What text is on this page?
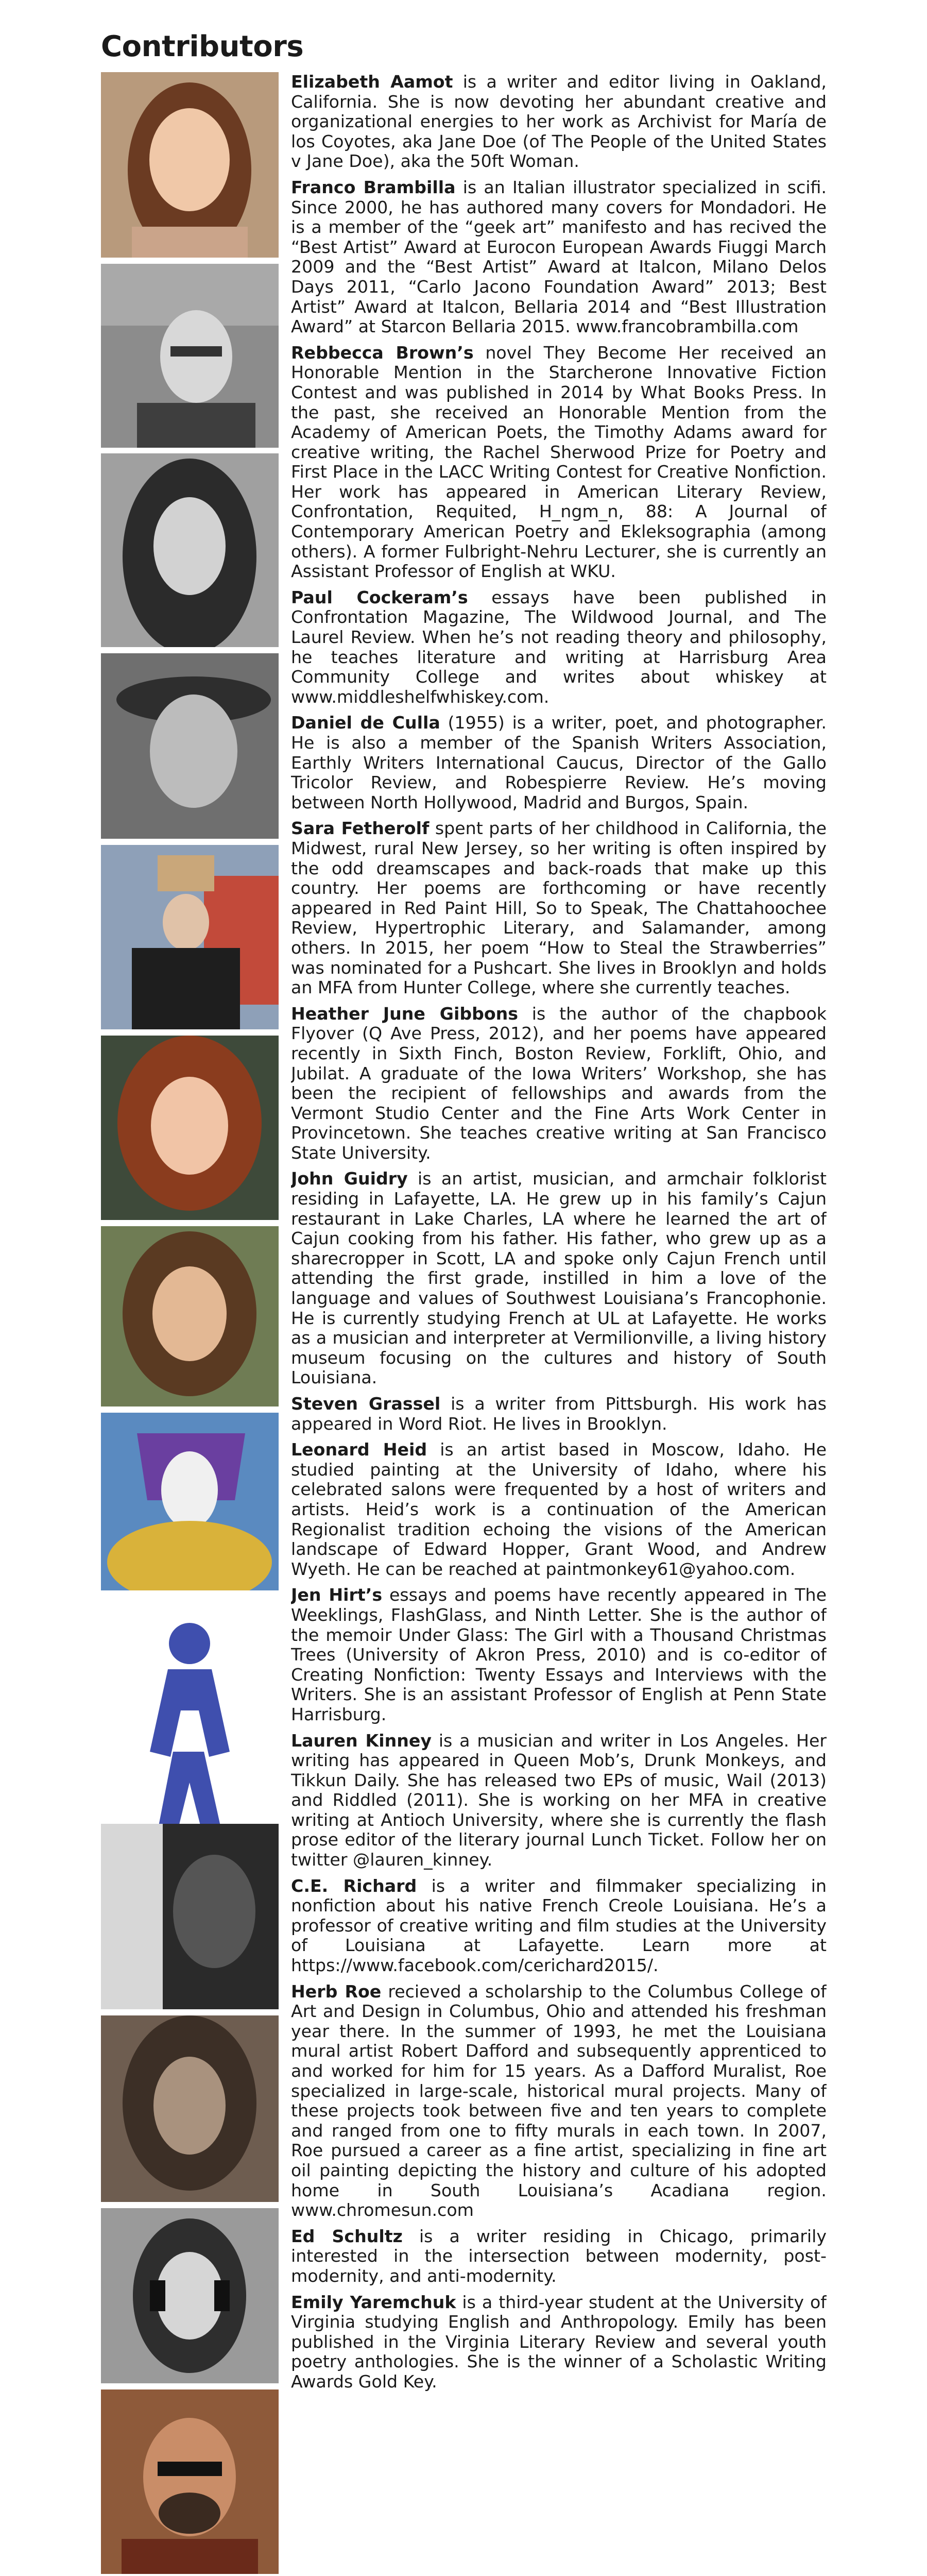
Contributors

Elizabeth Aamot is a writer and editor living in Oakland, California. She is now devoting her abundant creative and organizational energies to her work as Archivist for María de los Coyotes, aka Jane Doe (of The People of the United States v Jane Doe), aka the 50ft Woman.

Franco Brambilla is an Italian illustrator specialized in scifi. Since 2000, he has authored many covers for Mondadori. He is a member of the “geek art” manifesto and has recived the “Best Artist” Award at Eurocon European Awards Fiuggi March 2009 and the “Best Artist” Award at Italcon, Milano Delos Days 2011, “Carlo Jacono Foundation Award” 2013; Best Artist” Award at Italcon, Bellaria 2014 and “Best Illustration Award” at Starcon Bellaria 2015. www.francobrambilla.com

Rebbecca Brown’s novel They Become Her received an Honorable Mention in the Starcherone Innovative Fiction Contest and was published in 2014 by What Books Press. In the past, she received an Honorable Mention from the Academy of American Poets, the Timothy Adams award for creative writing, the Rachel Sherwood Prize for Poetry and First Place in the LACC Writing Contest for Creative Nonfiction. Her work has appeared in American Literary Review, Confrontation, Requited, H_ngm_n, 88: A Journal of Contemporary American Poetry and Ekleksographia (among others). A former Fulbright-Nehru Lecturer, she is currently an Assistant Professor of English at WKU.

Paul Cockeram’s essays have been published in Confrontation Magazine, The Wildwood Journal, and The Laurel Review. When he’s not reading theory and philosophy, he teaches literature and writing at Harrisburg Area Community College and writes about whiskey at www.middleshelfwhiskey.com.

Daniel de Culla (1955) is a writer, poet, and photographer. He is also a member of the Spanish Writers Association, Earthly Writers International Caucus, Director of the Gallo Tricolor Review, and Robespierre Review. He’s moving between North Hollywood, Madrid and Burgos, Spain.

Sara Fetherolf spent parts of her childhood in California, the Midwest, rural New Jersey, so her writing is often inspired by the odd dreamscapes and back-roads that make up this country. Her poems are forthcoming or have recently appeared in Red Paint Hill, So to Speak, The Chattahoochee Review, Hypertrophic Literary, and Salamander, among others. In 2015, her poem “How to Steal the Strawberries” was nominated for a Pushcart. She lives in Brooklyn and holds an MFA from Hunter College, where she currently teaches.

Heather June Gibbons is the author of the chapbook Flyover (Q Ave Press, 2012), and her poems have appeared recently in Sixth Finch, Boston Review, Forklift, Ohio, and Jubilat. A graduate of the Iowa Writers’ Workshop, she has been the recipient of fellowships and awards from the Vermont Studio Center and the Fine Arts Work Center in Provincetown. She teaches creative writing at San Francisco State University.

John Guidry is an artist, musician, and armchair folklorist residing in Lafayette, LA. He grew up in his family’s Cajun restaurant in Lake Charles, LA where he learned the art of Cajun cooking from his father. His father, who grew up as a sharecropper in Scott, LA and spoke only Cajun French until attending the first grade, instilled in him a love of the language and values of Southwest Louisiana’s Francophonie. He is currently studying French at UL at Lafayette. He works as a musician and interpreter at Vermilionville, a living history museum focusing on the cultures and history of South Louisiana.

Steven Grassel is a writer from Pittsburgh. His work has appeared in Word Riot. He lives in Brooklyn.

Leonard Heid is an artist based in Moscow, Idaho. He studied painting at the University of Idaho, where his celebrated salons were frequented by a host of writers and artists. Heid’s work is a continuation of the American Regionalist tradition echoing the visions of the American landscape of Edward Hopper, Grant Wood, and Andrew Wyeth. He can be reached at paintmonkey61@yahoo.com.

Jen Hirt’s essays and poems have recently appeared in The Weeklings, FlashGlass, and Ninth Letter. She is the author of the memoir Under Glass: The Girl with a Thousand Christmas Trees (University of Akron Press, 2010) and is co-editor of Creating Nonfiction: Twenty Essays and Interviews with the Writers. She is an assistant Professor of English at Penn State Harrisburg.

Lauren Kinney is a musician and writer in Los Angeles. Her writing has appeared in Queen Mob’s, Drunk Monkeys, and Tikkun Daily. She has released two EPs of music, Wail (2013) and Riddled (2011). She is working on her MFA in creative writing at Antioch University, where she is currently the flash prose editor of the literary journal Lunch Ticket. Follow her on twitter @lauren_kinney.

C.E. Richard is a writer and filmmaker specializing in nonfiction about his native French Creole Louisiana. He’s a professor of creative writing and film studies at the University of Louisiana at Lafayette. Learn more at https://www.facebook.com/cerichard2015/.

Herb Roe recieved a scholarship to the Columbus College of Art and Design in Columbus, Ohio and attended his freshman year there. In the summer of 1993, he met the Louisiana mural artist Robert Dafford and subsequently apprenticed to and worked for him for 15 years. As a Dafford Muralist, Roe specialized in large-scale, historical mural projects. Many of these projects took between five and ten years to complete and ranged from one to fifty murals in each town. In 2007, Roe pursued a career as a fine artist, specializing in fine art oil painting depicting the history and culture of his adopted home in South Louisiana’s Acadiana region. www.chromesun.com

Ed Schultz is a writer residing in Chicago, primarily interested in the intersection between modernity, post-modernity, and anti-modernity.

Emily Yaremchuk is a third-year student at the University of Virginia studying English and Anthropology. Emily has been published in the Virginia Literary Review and several youth poetry anthologies. She is the winner of a Scholastic Writing Awards Gold Key.
